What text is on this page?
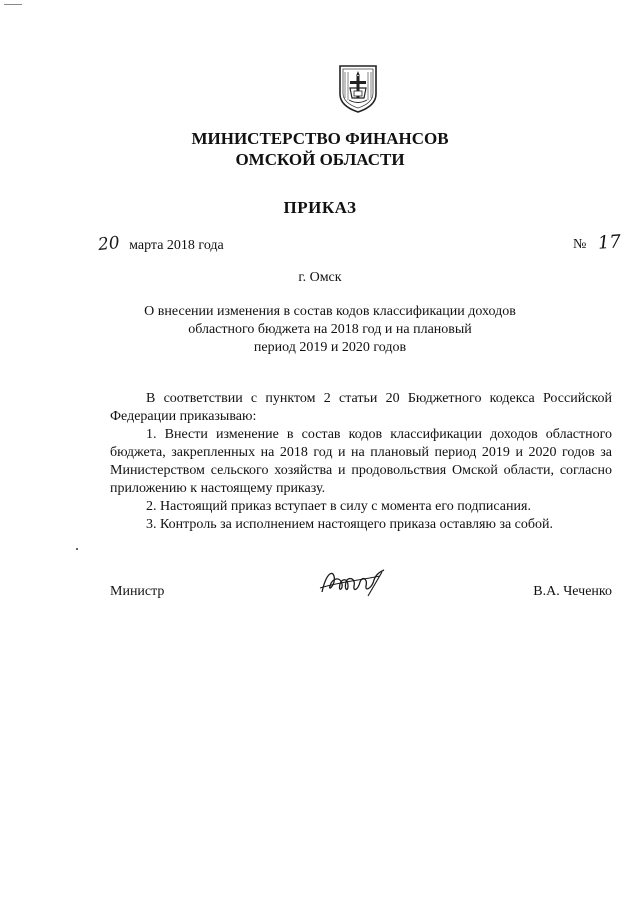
МИНИСТЕРСТВО ФИНАНСОВ
ОМСКОЙ ОБЛАСТИ
ПРИКАЗ
20 марта 2018 года	№ 17
г. Омск
О внесении изменения в состав кодов классификации доходов
областного бюджета на 2018 год и на плановый
период 2019 и 2020 годов
В соответствии с пунктом 2 статьи 20 Бюджетного кодекса Российской Федерации приказываю:
1. Внести изменение в состав кодов классификации доходов областного бюджета, закрепленных на 2018 год и на плановый период 2019 и 2020 годов за Министерством сельского хозяйства и продовольствия Омской области, согласно приложению к настоящему приказу.
2. Настоящий приказ вступает в силу с момента его подписания.
3. Контроль за исполнением настоящего приказа оставляю за собой.
Министр	В.А. Чеченко
